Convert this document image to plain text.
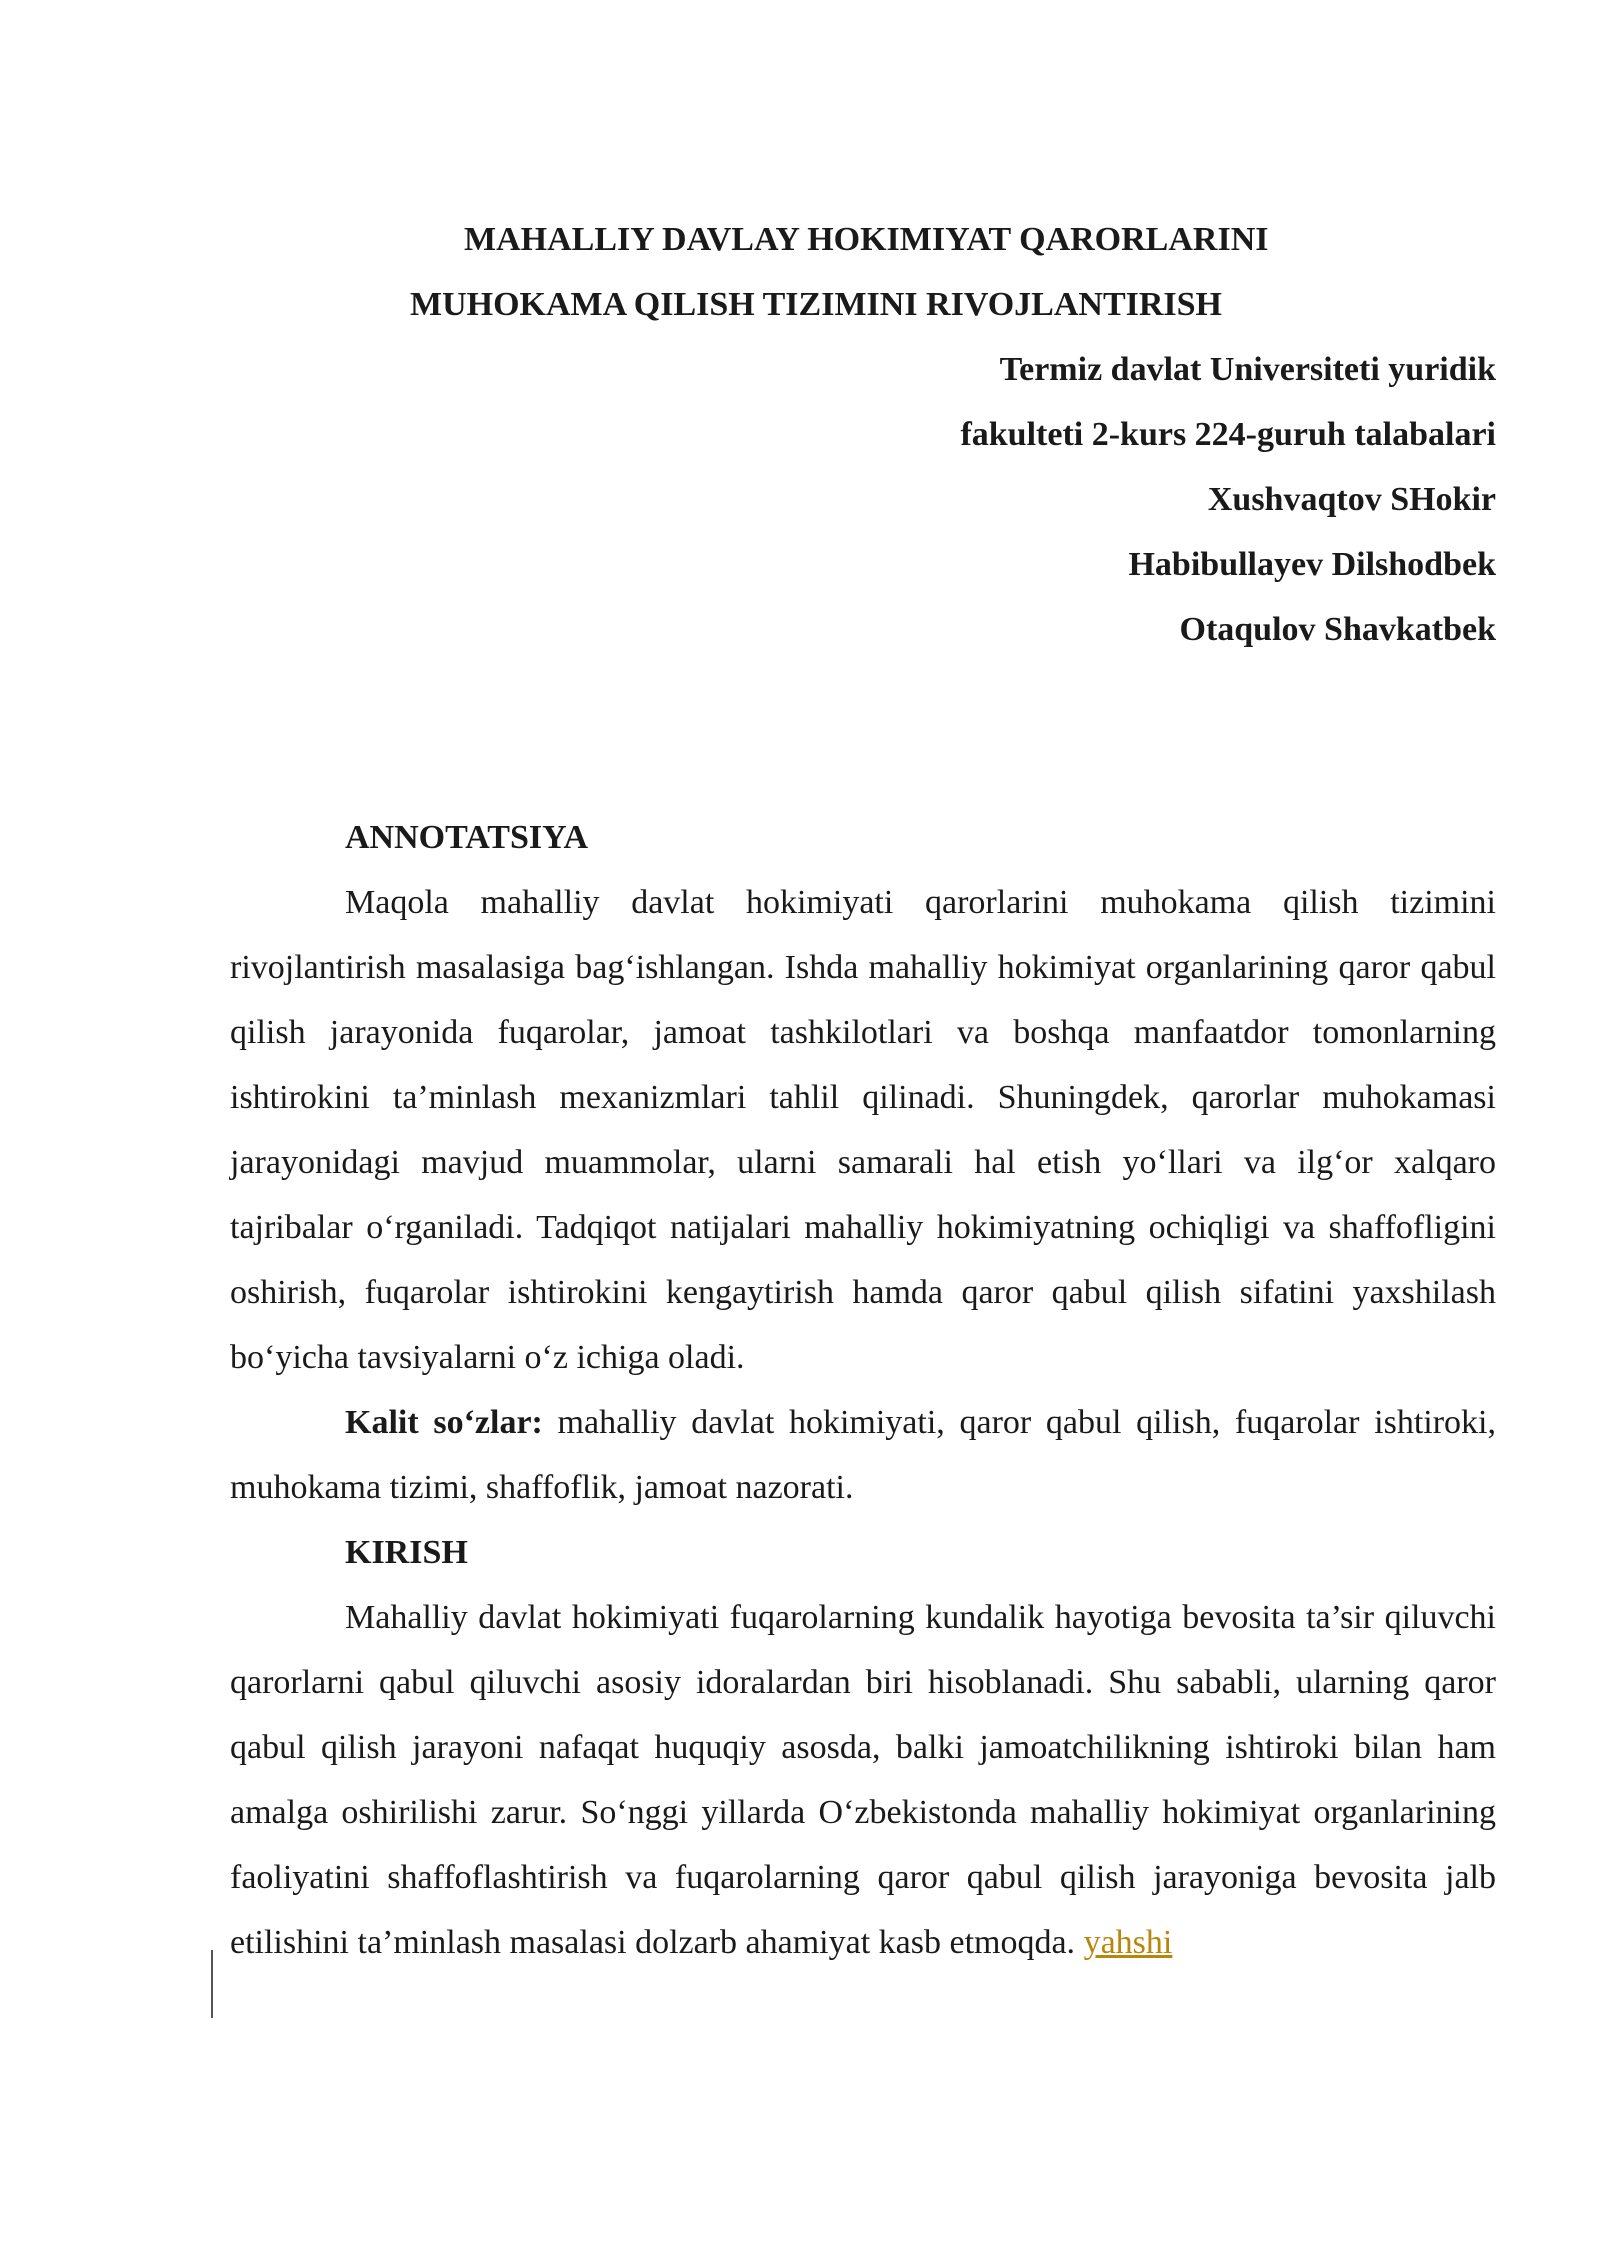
MAHALLIY DAVLAY HOKIMIYAT QARORLARINI
MUHOKAMA QILISH TIZIMINI RIVOJLANTIRISH
Termiz davlat Universiteti yuridik
fakulteti 2-kurs 224-guruh talabalari
Xushvaqtov SHokir
Habibullayev Dilshodbek
Otaqulov Shavkatbek
ANNOTATSIYA

Maqola mahalliy davlat hokimiyati qarorlarini muhokama qilish tizimini rivojlantirish masalasiga bag‘ishlangan. Ishda mahalliy hokimiyat organlarining qaror qabul qilish jarayonida fuqarolar, jamoat tashkilotlari va boshqa manfaatdor tomonlarning ishtirokini ta’minlash mexanizmlari tahlil qilinadi. Shuningdek, qarorlar muhokamasi jarayonidagi mavjud muammolar, ularni samarali hal etish yo‘llari va ilg‘or xalqaro tajribalar o‘rganiladi. Tadqiqot natijalari mahalliy hokimiyatning ochiqligi va shaffofligini oshirish, fuqarolar ishtirokini kengaytirish hamda qaror qabul qilish sifatini yaxshilash bo‘yicha tavsiyalarni o‘z ichiga oladi.

Kalit so‘zlar: mahalliy davlat hokimiyati, qaror qabul qilish, fuqarolar ishtiroki, muhokama tizimi, shaffoflik, jamoat nazorati.

KIRISH

Mahalliy davlat hokimiyati fuqarolarning kundalik hayotiga bevosita ta’sir qiluvchi qarorlarni qabul qiluvchi asosiy idoralardan biri hisoblanadi. Shu sababli, ularning qaror qabul qilish jarayoni nafaqat huquqiy asosda, balki jamoatchilikning ishtiroki bilan ham amalga oshirilishi zarur. So‘nggi yillarda O‘zbekistonda mahalliy hokimiyat organlarining faoliyatini shaffoflashtirish va fuqarolarning qaror qabul qilish jarayoniga bevosita jalb etilishini ta’minlash masalasi dolzarb ahamiyat kasb etmoqda. yahshi
